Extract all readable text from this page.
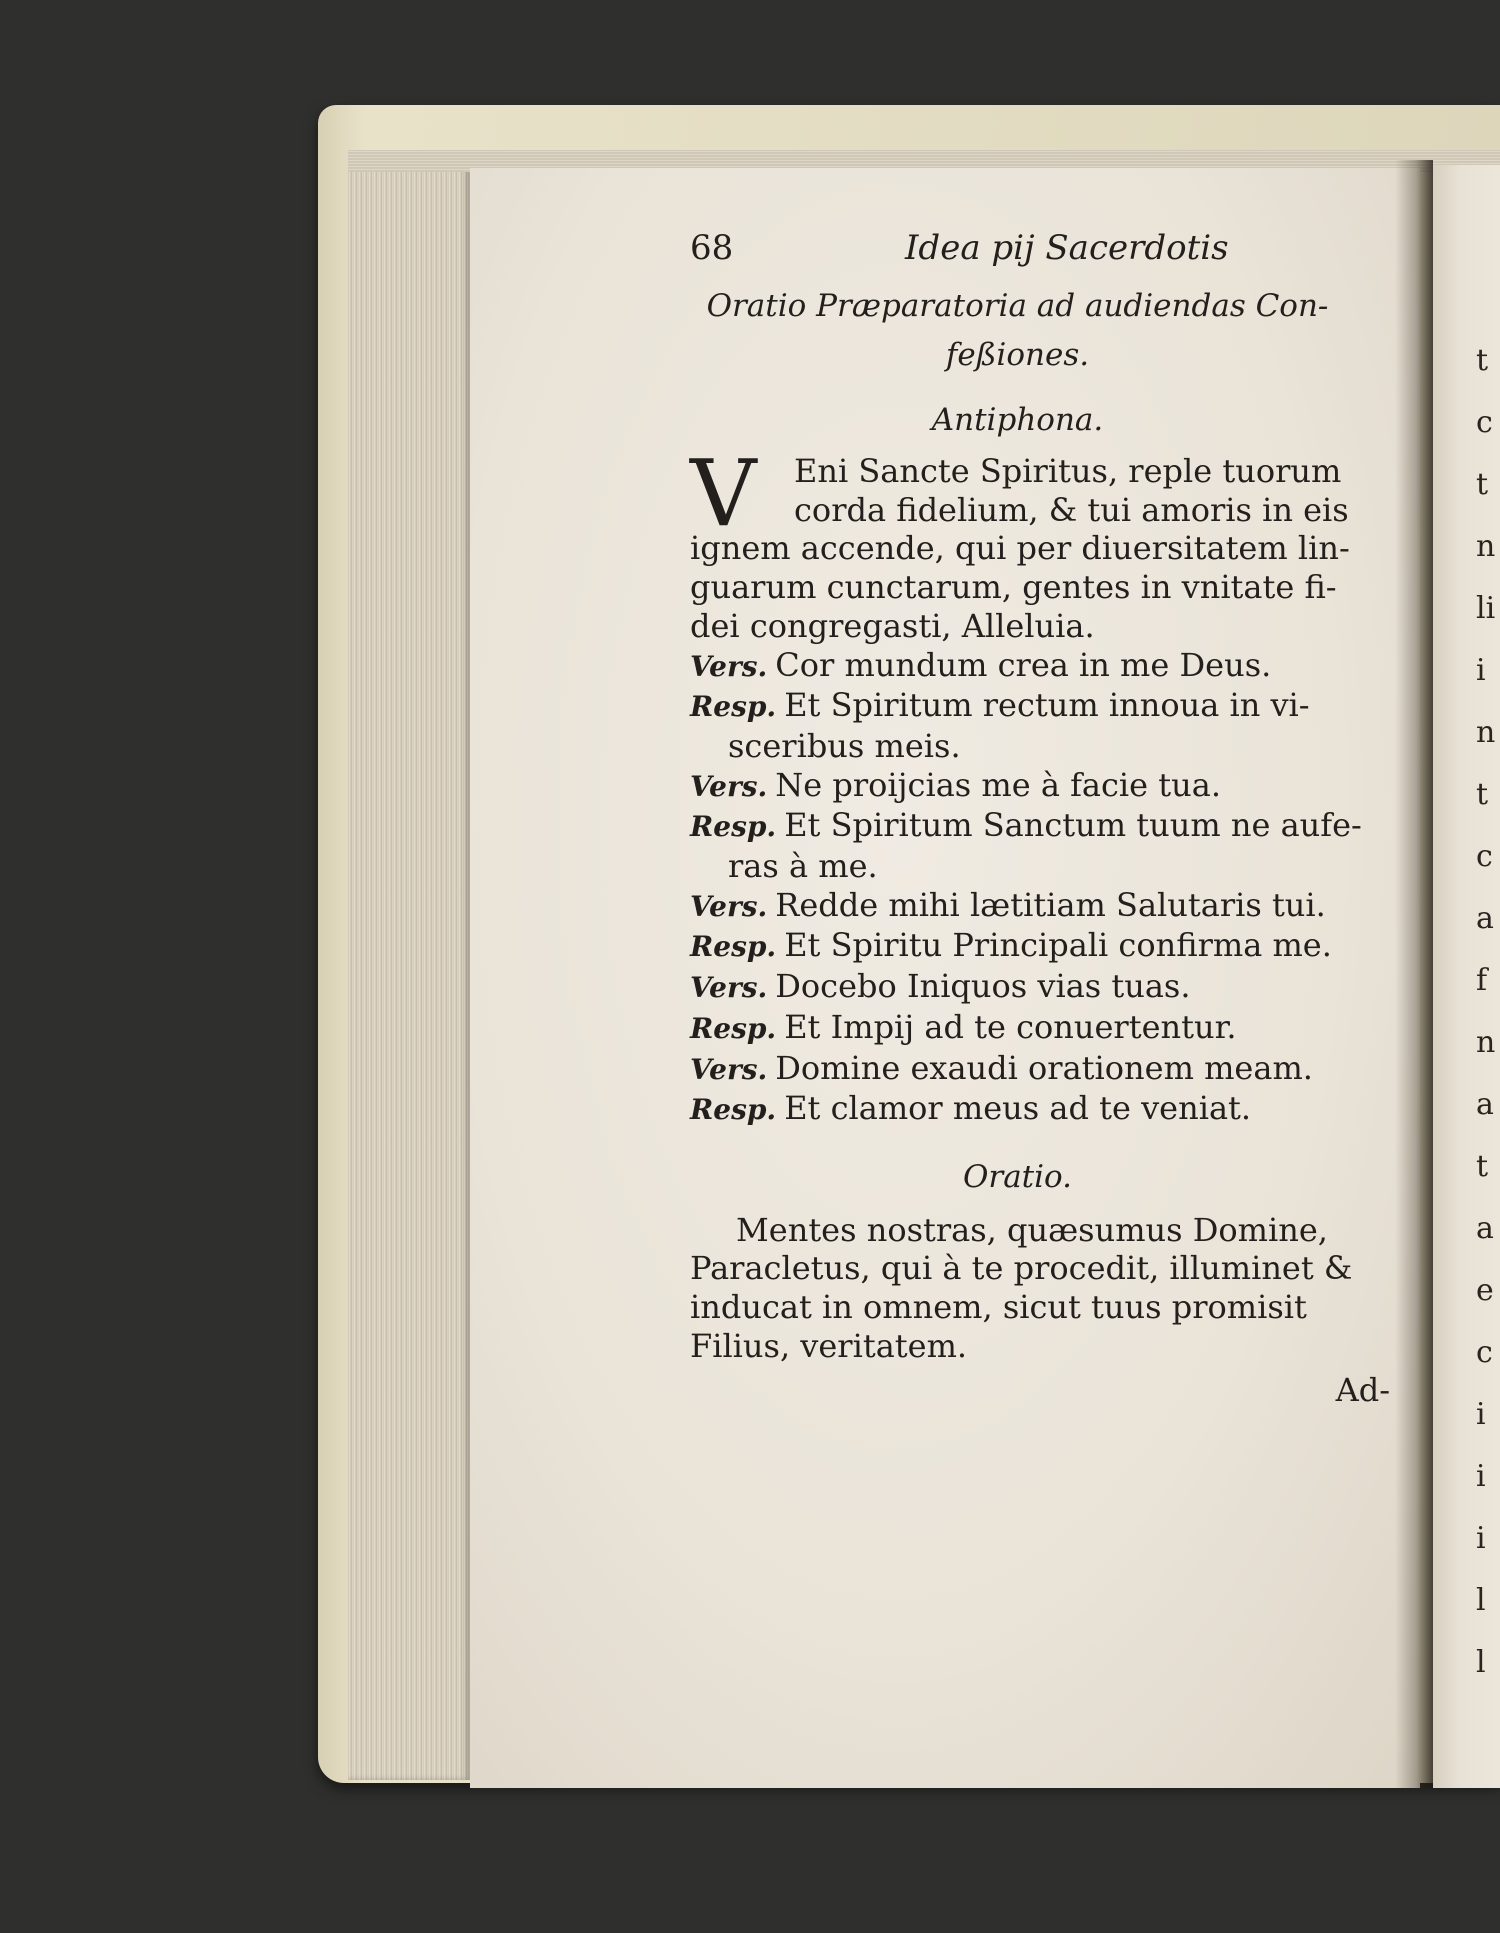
t
c
t
n
li
i
n
t
c
a
f
n
a
t
a
e
c
i
i
i
l
l
68	Idea pij Sacerdotis
Oratio Præparatoria ad audiendas Con-
feßiones.
Antiphona.
V	Eni Sancte Spiritus, reple tuorum
corda fidelium, & tui amoris in eis
ignem accende, qui per diuersitatem lin-
guarum cunctarum, gentes in vnitate fi-
dei congregasti, Alleluia.
Vers. Cor mundum crea in me Deus.
Resp. Et Spiritum rectum innoua in vi-
sceribus meis.
Vers. Ne proijcias me à facie tua.
Resp. Et Spiritum Sanctum tuum ne aufe-
ras à me.
Vers. Redde mihi lætitiam Salutaris tui.
Resp. Et Spiritu Principali confirma me.
Vers. Docebo Iniquos vias tuas.
Resp. Et Impij ad te conuertentur.
Vers. Domine exaudi orationem meam.
Resp. Et clamor meus ad te veniat.
Oratio.
Mentes nostras, quæsumus Domine,
Paracletus, qui à te procedit, illuminet &
inducat in omnem, sicut tuus promisit
Filius, veritatem.
Ad-
